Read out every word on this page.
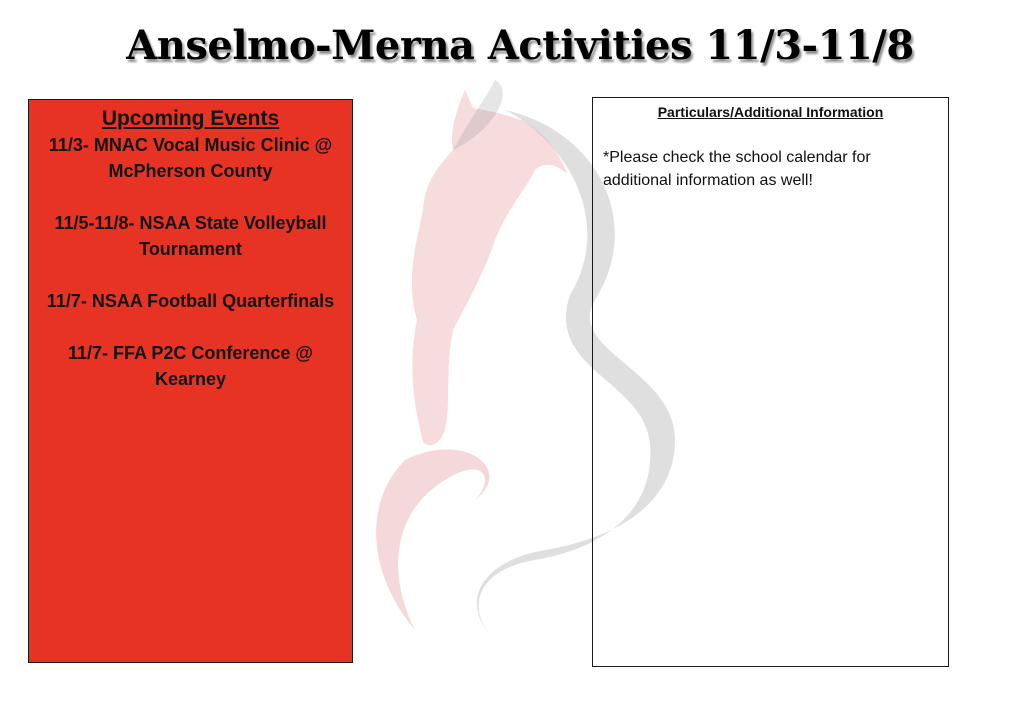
Anselmo-Merna Activities 11/3-11/8
Upcoming Events
11/3- MNAC Vocal Music Clinic @ McPherson County
11/5-11/8- NSAA State Volleyball Tournament
11/7- NSAA Football Quarterfinals
11/7- FFA P2C Conference @ Kearney
Particulars/Additional Information
*Please check the school calendar for additional information as well!
